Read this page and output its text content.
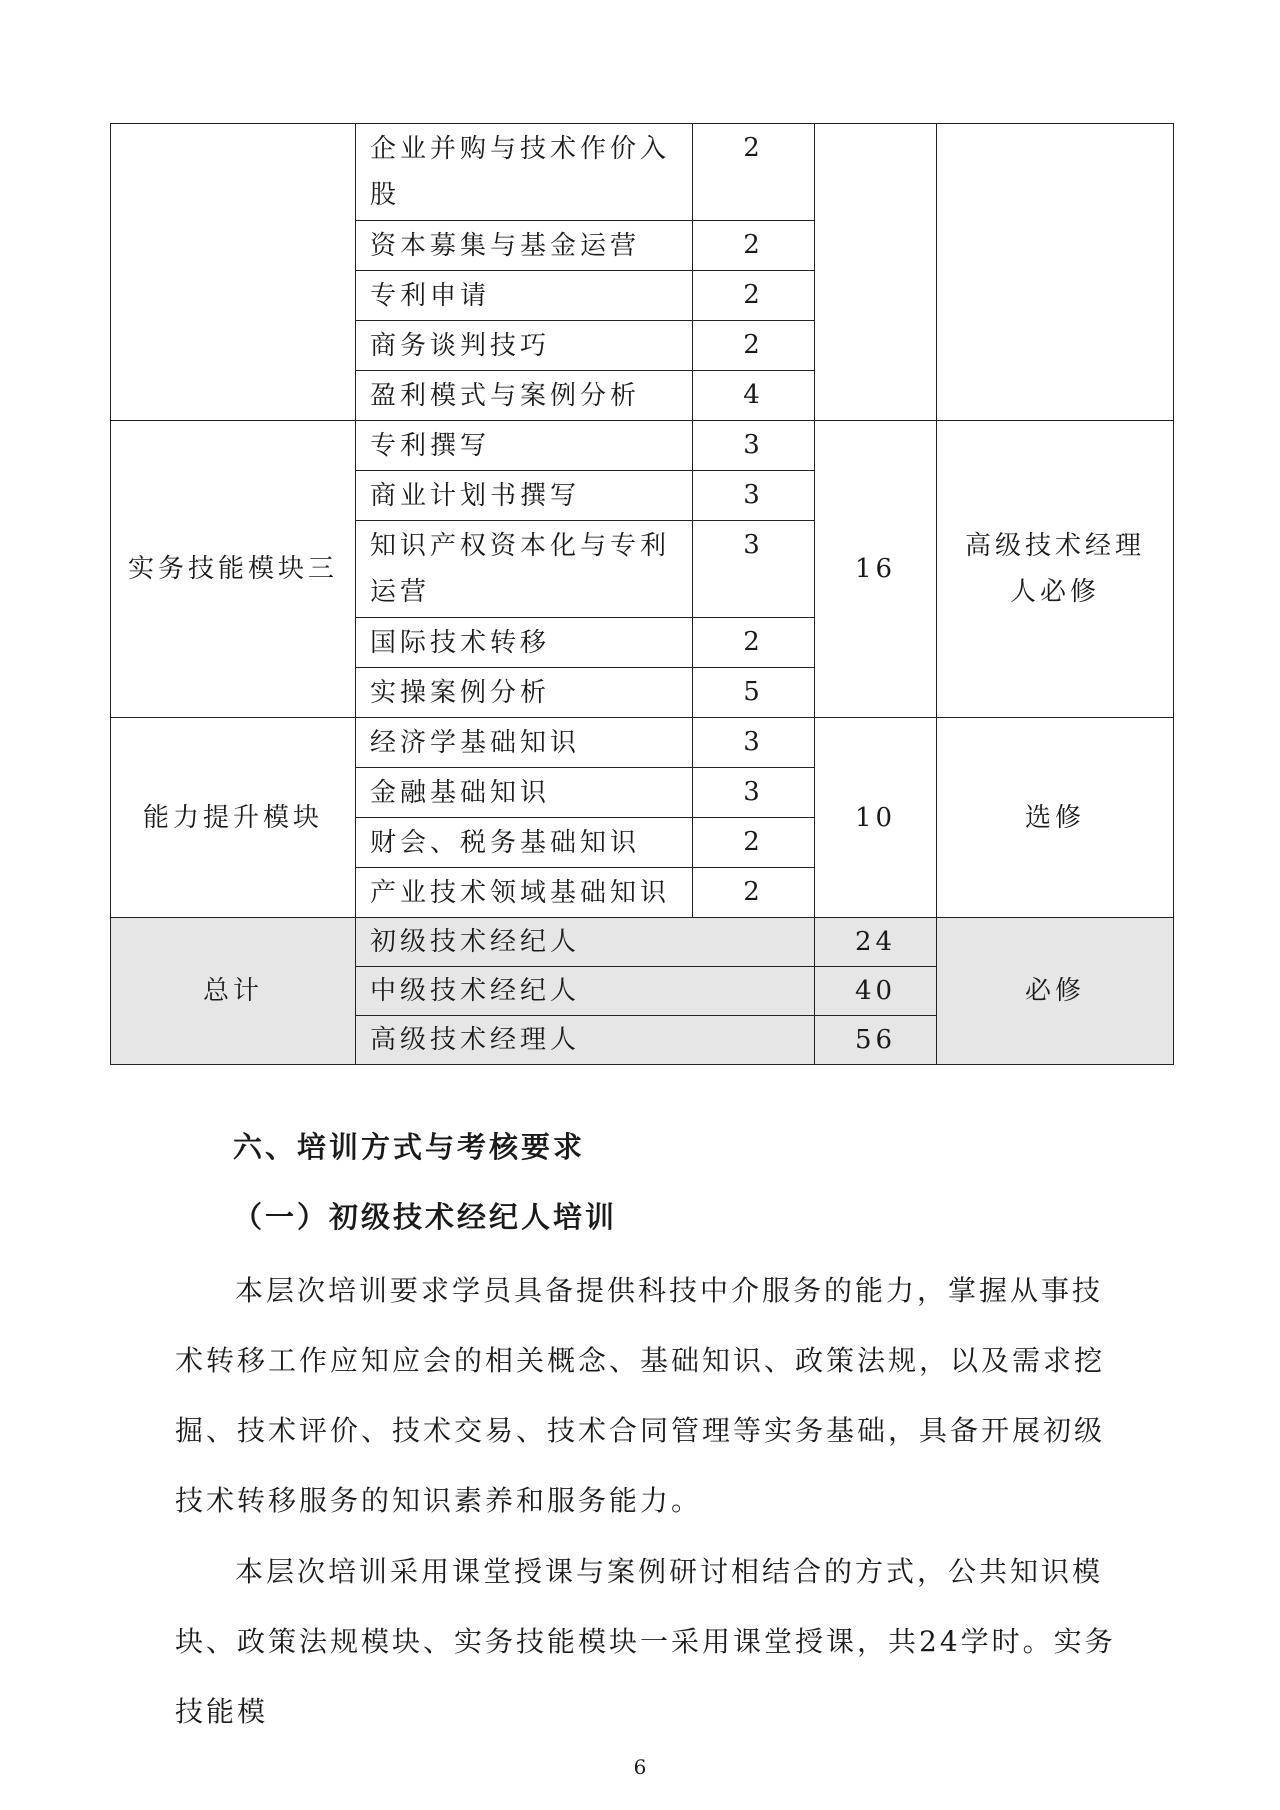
	企业并购与技术作价入股	2		
	资本募集与基金运营	2		
	专利申请	2		
	商务谈判技巧	2		
	盈利模式与案例分析	4		
实务技能模块三	专利撰写	3	16	高级技术经理人必修
	商业计划书撰写	3		
	知识产权资本化与专利运营	3		
	国际技术转移	2		
	实操案例分析	5		
能力提升模块	经济学基础知识	3	10	选修
	金融基础知识	3		
	财会、税务基础知识	2		
	产业技术领域基础知识	2		
总计	初级技术经纪人		24	必修
	中级技术经纪人		40	
	高级技术经理人		56	
六、培训方式与考核要求
（一）初级技术经纪人培训

本层次培训要求学员具备提供科技中介服务的能力，掌握从事技术转移工作应知应会的相关概念、基础知识、政策法规，以及需求挖掘、技术评价、技术交易、技术合同管理等实务基础，具备开展初级技术转移服务的知识素养和服务能力。

本层次培训采用课堂授课与案例研讨相结合的方式，公共知识模块、政策法规模块、实务技能模块一采用课堂授课，共24学时。实务技能模

6
